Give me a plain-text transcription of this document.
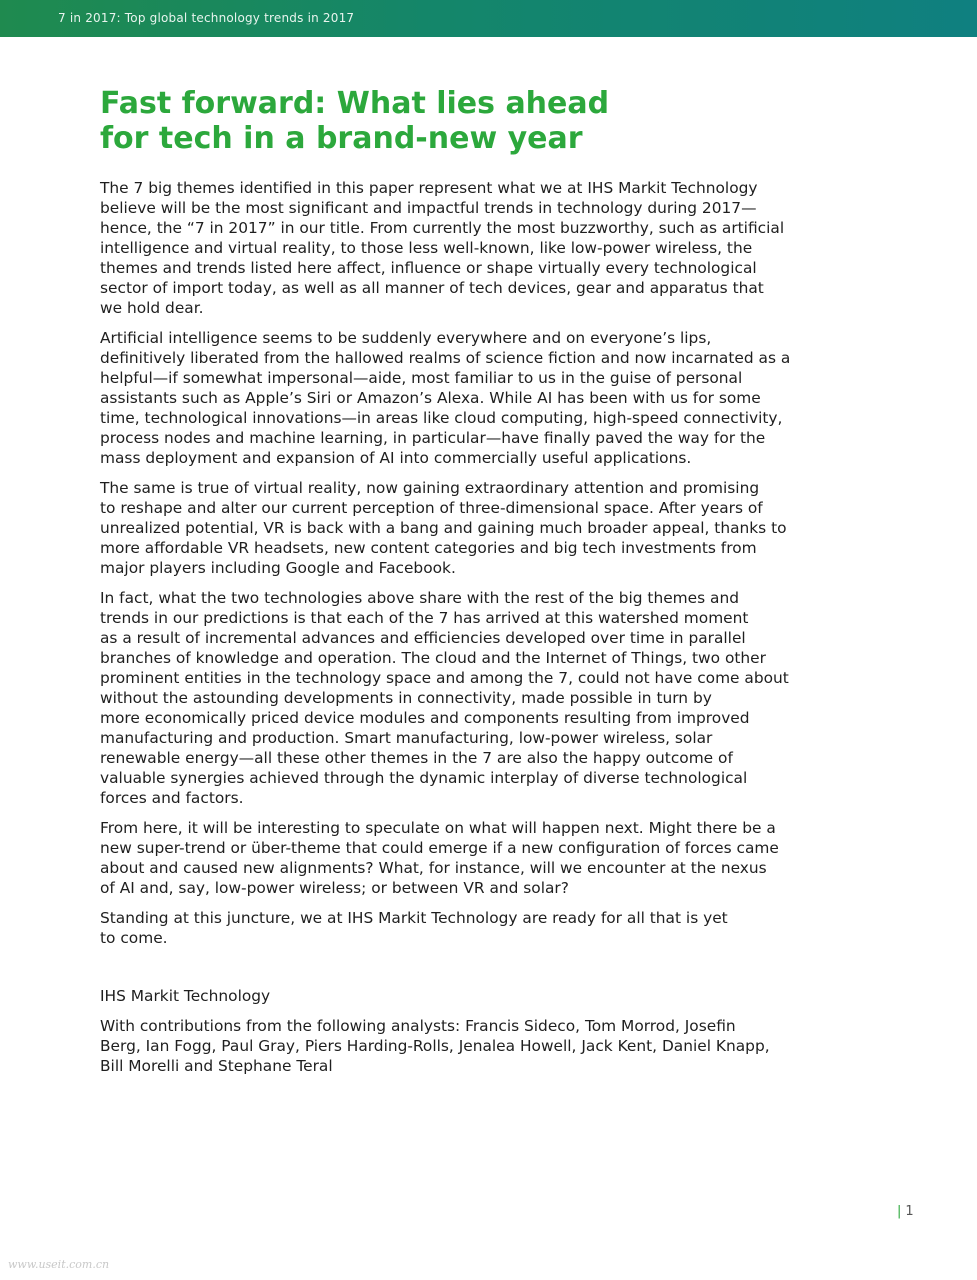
7 in 2017: Top global technology trends in 2017
Fast forward: What lies ahead
for tech in a brand-new year

The 7 big themes identified in this paper represent what we at IHS Markit Technology
believe will be the most significant and impactful trends in technology during 2017—
hence, the “7 in 2017” in our title. From currently the most buzzworthy, such as artificial
intelligence and virtual reality, to those less well-known, like low-power wireless, the
themes and trends listed here affect, influence or shape virtually every technological
sector of import today, as well as all manner of tech devices, gear and apparatus that
we hold dear.

Artificial intelligence seems to be suddenly everywhere and on everyone’s lips,
definitively liberated from the hallowed realms of science fiction and now incarnated as a
helpful—if somewhat impersonal—aide, most familiar to us in the guise of personal
assistants such as Apple’s Siri or Amazon’s Alexa. While AI has been with us for some
time, technological innovations—in areas like cloud computing, high-speed connectivity,
process nodes and machine learning, in particular—have finally paved the way for the
mass deployment and expansion of AI into commercially useful applications.

The same is true of virtual reality, now gaining extraordinary attention and promising
to reshape and alter our current perception of three-dimensional space. After years of
unrealized potential, VR is back with a bang and gaining much broader appeal, thanks to
more affordable VR headsets, new content categories and big tech investments from
major players including Google and Facebook.

In fact, what the two technologies above share with the rest of the big themes and
trends in our predictions is that each of the 7 has arrived at this watershed moment
as a result of incremental advances and efficiencies developed over time in parallel
branches of knowledge and operation. The cloud and the Internet of Things, two other
prominent entities in the technology space and among the 7, could not have come about
without the astounding developments in connectivity, made possible in turn by
more economically priced device modules and components resulting from improved
manufacturing and production. Smart manufacturing, low-power wireless, solar
renewable energy—all these other themes in the 7 are also the happy outcome of
valuable synergies achieved through the dynamic interplay of diverse technological
forces and factors.

From here, it will be interesting to speculate on what will happen next. Might there be a
new super-trend or über-theme that could emerge if a new configuration of forces came
about and caused new alignments? What, for instance, will we encounter at the nexus
of AI and, say, low-power wireless; or between VR and solar?

Standing at this juncture, we at IHS Markit Technology are ready for all that is yet
to come.

IHS Markit Technology

With contributions from the following analysts: Francis Sideco, Tom Morrod, Josefin
Berg, Ian Fogg, Paul Gray, Piers Harding-Rolls, Jenalea Howell, Jack Kent, Daniel Knapp,
Bill Morelli and Stephane Teral

| 1
www.useit.com.cn
